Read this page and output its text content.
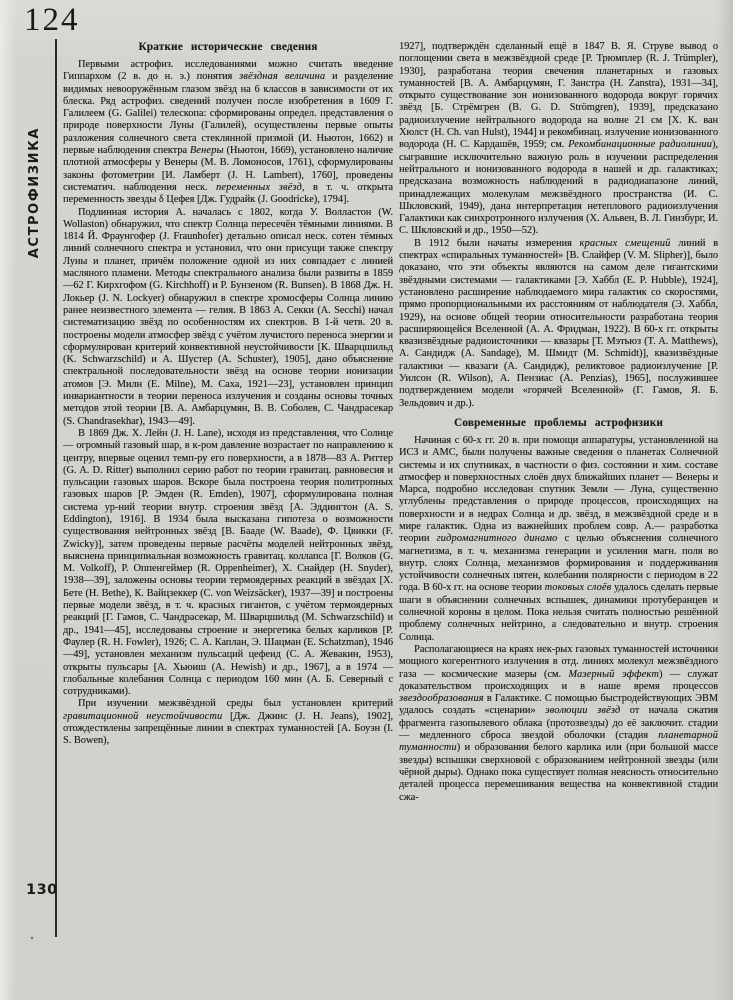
124
АСТРОФИЗИКА
Краткие исторические сведения

Первыми астрофиз. исследованиями можно считать введение Гиппархом (2 в. до н. э.) понятия звёздная величина и разделение видимых невооружённым глазом звёзд на 6 классов в зависимости от их блеска. Ряд астрофиз. сведений получен после изобретения в 1609 Г. Галилеем (G. Galilei) телескопа: сформированы определ. представления о природе поверхности Луны (Галилей), осуществлены первые опыты разложения солнечного света стеклянной призмой (И. Ньютон, 1662) и первые наблюдения спектра Венеры (Ньютон, 1669), установлено наличие плотной атмосферы у Венеры (М. В. Ломоносов, 1761), сформулированы законы фотометрии [И. Ламберт (J. H. Lambert), 1760], проведены систематич. наблюдения неск. переменных звёзд, в т. ч. открыта переменность звезды δ Цефея [Дж. Гудрайк (J. Goodricke), 1794].

Подлинная история А. началась с 1802, когда У. Волластон (W. Wollaston) обнаружил, что спектр Солнца пересечён тёмными линиями. В 1814 Й. Фраунгофер (J. Fraunhofer) детально описал неск. сотен тёмных линий солнечного спектра и установил, что они присущи также спектру Луны и планет, причём положение одной из них совпадает с линией масляного пламени. Методы спектрального анализа были развиты в 1859—62 Г. Кирхгофом (G. Kirchhoff) и Р. Бунзеном (R. Bunsen). В 1868 Дж. Н. Локьер (J. N. Lockyer) обнаружил в спектре хромосферы Солнца линию ранее неизвестного элемента — гелия. В 1863 А. Секки (A. Secchi) начал систематизацию звёзд по особенностям их спектров. В 1-й четв. 20 в. построены модели атмосфер звёзд с учётом лучистого переноса энергии и сформулирован критерий конвективной неустойчивости [К. Шварцшильд (K. Schwarzschild) и А. Шустер (A. Schuster), 1905], дано объяснение спектральной последовательности звёзд на основе теории ионизации атомов [Э. Милн (E. Milne), М. Саха, 1921—23], установлен принцип инвариантности в теории переноса излучения и созданы основы точных методов этой теории [В. А. Амбарцумян, В. В. Соболев, С. Чандрасекар (S. Chandrasekhar), 1943—49].

В 1869 Дж. Х. Лейн (J. H. Lane), исходя из представления, что Солнце — огромный газовый шар, в к-ром давление возрастает по направлению к центру, впервые оценил темп-ру его поверхности, а в 1878—83 А. Риттер (G. A. D. Ritter) выполнил серию работ по теории гравитац. равновесия и пульсации газовых шаров. Вскоре была построена теория политропных газовых шаров [Р. Эмден (R. Emden), 1907], сформулирована полная система ур-ний теории внутр. строения звёзд [А. Эддингтон (A. S. Eddington), 1916]. В 1934 была высказана гипотеза о возможности существования нейтронных звёзд [В. Бааде (W. Baade), Ф. Цвикки (F. Zwicky)], затем проведены первые расчёты моделей нейтронных звёзд, выяснена принципиальная возможность гравитац. коллапса [Г. Волков (G. M. Volkoff), Р. Оппенгеймер (R. Oppenheimer), Х. Снайдер (H. Snyder), 1938—39], заложены основы теории термоядерных реакций в звёздах [Х. Бете (H. Bethe), К. Вайцзеккер (C. von Weizsäcker), 1937—39] и построены первые модели звёзд, в т. ч. красных гигантов, с учётом термоядерных реакций [Г. Гамов, С. Чандрасекар, М. Шварцшильд (M. Schwarzschild) и др., 1941—45], исследованы строение и энергетика белых карликов [Р. Фаулер (R. H. Fowler), 1926; С. А. Каплан, Э. Шацман (E. Schatzman), 1946—49], установлен механизм пульсаций цефеид (С. А. Жевакин, 1953), открыты пульсары [А. Хьюиш (A. Hewish) и др., 1967], а в 1974 — глобальные колебания Солнца с периодом 160 мин (А. Б. Северный с сотрудниками).

При изучении межзвёздной среды был установлен критерий гравитационной неустойчивости [Дж. Джинс (J. H. Jeans), 1902], отождествлены запрещённые линии в спектрах туманностей [А. Боуэн (I. S. Bowen),

1927], подтверждён сделанный ещё в 1847 В. Я. Струве вывод о поглощении света в межзвёздной среде [Р. Трюмплер (R. J. Trümpler), 1930], разработана теория свечения планетарных и газовых туманностей [В. А. Амбарцумян, Г. Занстра (H. Zanstra), 1931—34], открыто существование зон ионизованного водорода вокруг горячих звёзд [Б. Стрёмгрен (B. G. D. Strömgren), 1939], предсказано радиоизлучение нейтрального водорода на волне 21 см [Х. К. ван Хюлст (H. Ch. van Hulst), 1944] и рекомбинац. излучение ионизованного водорода (Н. С. Кардашёв, 1959; см. Рекомбинационные радиолинии), сыгравшие исключительно важную роль в изучении распределения нейтрального и ионизованного водорода в нашей и др. галактиках; предсказана возможность наблюдений в радиодиапазоне линий, принадлежащих молекулам межзвёздного пространства (И. С. Шкловский, 1949), дана интерпретация нетеплового радиоизлучения Галактики как синхротронного излучения (Х. Альвен, В. Л. Гинзбург, И. С. Шкловский и др., 1950—52).

В 1912 были начаты измерения красных смещений линий в спектрах «спиральных туманностей» [В. Слайфер (V. M. Slipher)], было доказано, что эти объекты являются на самом деле гигантскими звёздными системами — галактиками [Э. Хаббл (E. P. Hubble), 1924], установлено расширение наблюдаемого мира галактик со скоростями, прямо пропорциональными их расстояниям от наблюдателя (Э. Хаббл, 1929), на основе общей теории относительности разработана теория расширяющейся Вселенной (А. А. Фридман, 1922). В 60-х гг. открыты квазизвёздные радиоисточники — квазары [Т. Мэтьюз (T. A. Matthews), А. Сандидж (A. Sandage), М. Шмидт (M. Schmidt)], квазизвёздные галактики — квазаги (А. Сандидж), реликтовое радиоизлучение [Р. Уилсон (R. Wilson), А. Пензиас (A. Penzias), 1965], послужившее подтверждением модели «горячей Вселенной» (Г. Гамов, Я. Б. Зельдович и др.).

Современные проблемы астрофизики

Начиная с 60-х гг. 20 в. при помощи аппаратуры, установленной на ИСЗ и АМС, были получены важные сведения о планетах Солнечной системы и их спутниках, в частности о физ. состоянии и хим. составе атмосфер и поверхностных слоёв двух ближайших планет — Венеры и Марса, подробно исследован спутник Земли — Луна, существенно углублены представления о природе процессов, происходящих на поверхности и в недрах Солнца и др. звёзд, в межзвёздной среде и в мире галактик. Одна из важнейших проблем совр. А.— разработка теории гидромагнитного динамо с целью объяснения солнечного магнетизма, в т. ч. механизма генерации и усиления магн. поля во внутр. слоях Солнца, механизмов формирования и поддерживания устойчивости солнечных пятен, колебания полярности с периодом в 22 года. В 60-х гг. на основе теории токовых слоёв удалось сделать первые шаги в объяснении солнечных вспышек, динамики протуберанцев и солнечной короны в целом. Пока нельзя считать полностью решённой проблему солнечных нейтрино, а следовательно и внутр. строения Солнца.

Располагающиеся на краях нек-рых газовых туманностей источники мощного когерентного излучения в отд. линиях молекул межзвёздного газа — космические мазеры (см. Мазерный эффект) — служат доказательством происходящих и в наше время процессов звездообразования в Галактике. С помощью быстродействующих ЭВМ удалось создать «сценарии» эволюции звёзд от начала сжатия фрагмента газопылевого облака (протозвезды) до её заключит. стадии — медленного сброса звездой оболочки (стадия планетарной туманности) и образования белого карлика или (при большой массе звезды) вспышки сверхновой с образованием нейтронной звезды (или чёрной дыры). Однако пока существует полная неясность относительно деталей процесса перемешивания вещества на конвективной стадии сжа-

130
